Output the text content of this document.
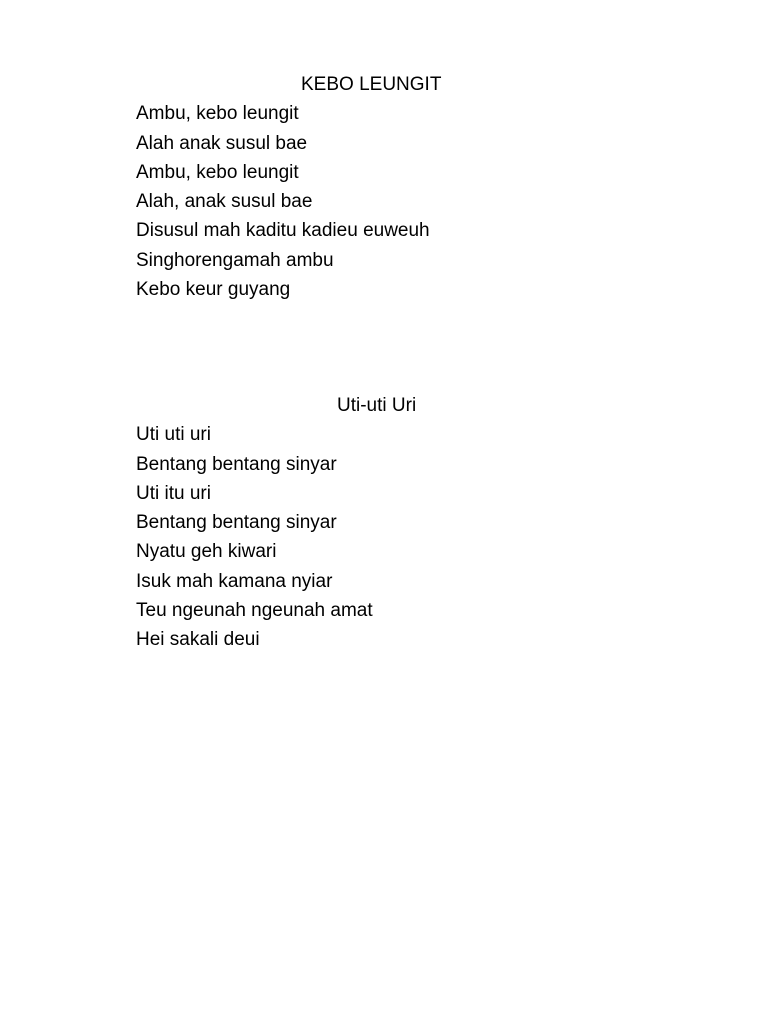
KEBO LEUNGIT
Ambu, kebo leungit
Alah anak susul bae
Ambu, kebo leungit
Alah, anak susul bae
Disusul mah kaditu kadieu euweuh
Singhorengamah ambu
Kebo keur guyang
Uti-uti Uri
Uti uti uri
Bentang bentang sinyar
Uti itu uri
Bentang bentang sinyar
Nyatu geh kiwari
Isuk mah kamana nyiar
Teu ngeunah ngeunah amat
Hei sakali deui
